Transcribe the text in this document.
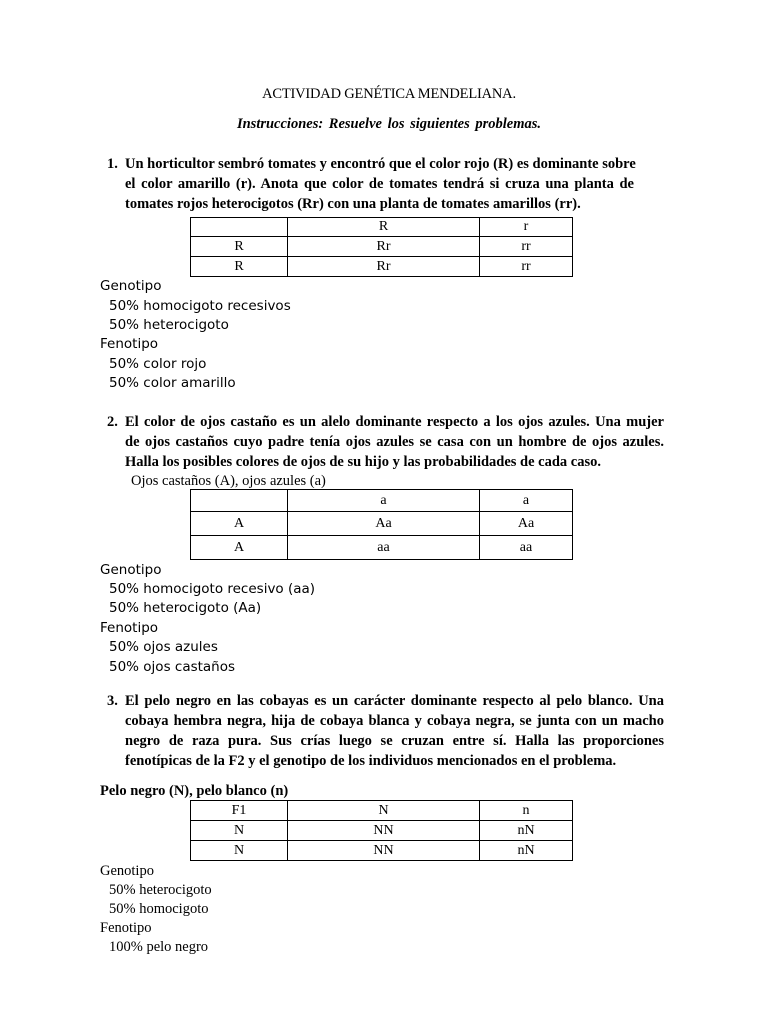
ACTIVIDAD GENÉTICA MENDELIANA.
Instrucciones: Resuelve los siguientes problemas.
1. Un horticultor sembró tomates y encontró que el color rojo (R) es dominante sobre
el color amarillo (r). Anota que color de tomates tendrá si cruza una planta de
tomates rojos heterocigotos (Rr) con una planta de tomates amarillos (rr).
	R	r
R	Rr	rr
R	Rr	rr
Genotipo
50% homocigoto recesivos
50% heterocigoto
Fenotipo
50% color rojo
50% color amarillo
2. El color de ojos castaño es un alelo dominante respecto a los ojos azules. Una mujer
de ojos castaños cuyo padre tenía ojos azules se casa con un hombre de ojos azules.
Halla los posibles colores de ojos de su hijo y las probabilidades de cada caso.
Ojos castaños (A), ojos azules (a)
	a	a
A	Aa	Aa
A	aa	aa
Genotipo
50% homocigoto recesivo (aa)
50% heterocigoto (Aa)
Fenotipo
50% ojos azules
50% ojos castaños
3. El pelo negro en las cobayas es un carácter dominante respecto al pelo blanco. Una
cobaya hembra negra, hija de cobaya blanca y cobaya negra, se junta con un macho
negro de raza pura. Sus crías luego se cruzan entre sí. Halla las proporciones
fenotípicas de la F2 y el genotipo de los individuos mencionados en el problema.
Pelo negro (N), pelo blanco (n)
F1	N	n
N	NN	nN
N	NN	nN
Genotipo
50% heterocigoto
50% homocigoto
Fenotipo
100% pelo negro
